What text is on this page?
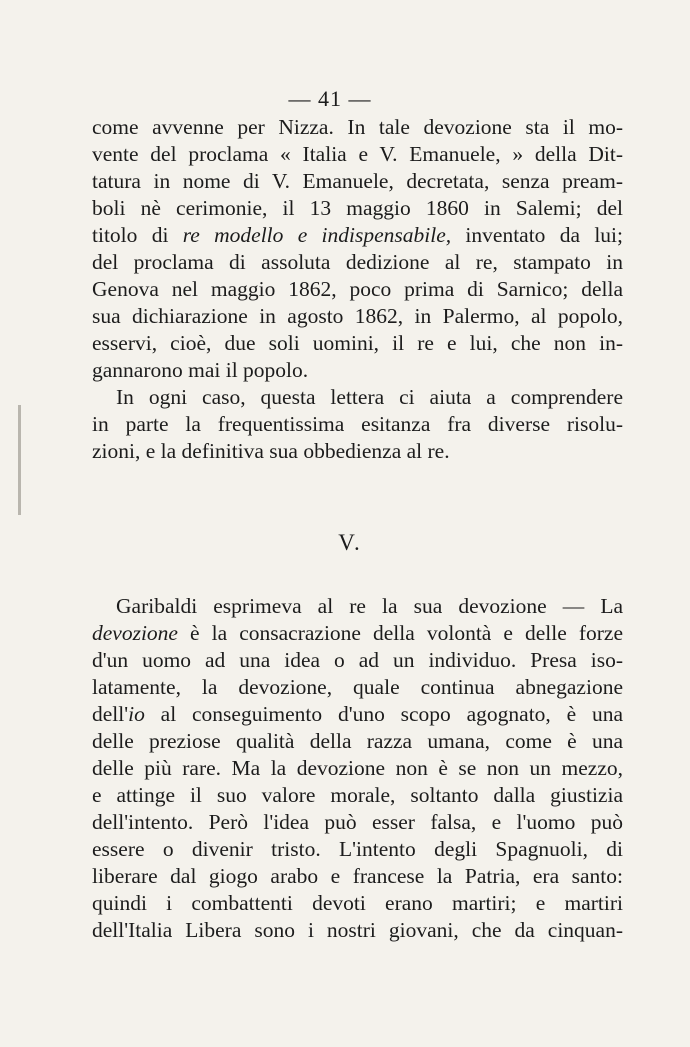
— 41 —
come avvenne per Nizza. In tale devozione sta il mo-
vente del proclama « Italia e V. Emanuele, » della Dit-
tatura in nome di V. Emanuele, decretata, senza pream-
boli nè cerimonie, il 13 maggio 1860 in Salemi; del
titolo di re modello e indispensabile, inventato da lui;
del proclama di assoluta dedizione al re, stampato in
Genova nel maggio 1862, poco prima di Sarnico; della
sua dichiarazione in agosto 1862, in Palermo, al popolo,
esservi, cioè, due soli uomini, il re e lui, che non in-
gannarono mai il popolo.
In ogni caso, questa lettera ci aiuta a comprendere
in parte la frequentissima esitanza fra diverse risolu-
zioni, e la definitiva sua obbedienza al re.
V.
Garibaldi esprimeva al re la sua devozione — La
devozione è la consacrazione della volontà e delle forze
d'un uomo ad una idea o ad un individuo. Presa iso-
latamente, la devozione, quale continua abnegazione
dell'io al conseguimento d'uno scopo agognato, è una
delle preziose qualità della razza umana, come è una
delle più rare. Ma la devozione non è se non un mezzo,
e attinge il suo valore morale, soltanto dalla giustizia
dell'intento. Però l'idea può esser falsa, e l'uomo può
essere o divenir tristo. L'intento degli Spagnuoli, di
liberare dal giogo arabo e francese la Patria, era santo:
quindi i combattenti devoti erano martiri; e martiri
dell'Italia Libera sono i nostri giovani, che da cinquan-
